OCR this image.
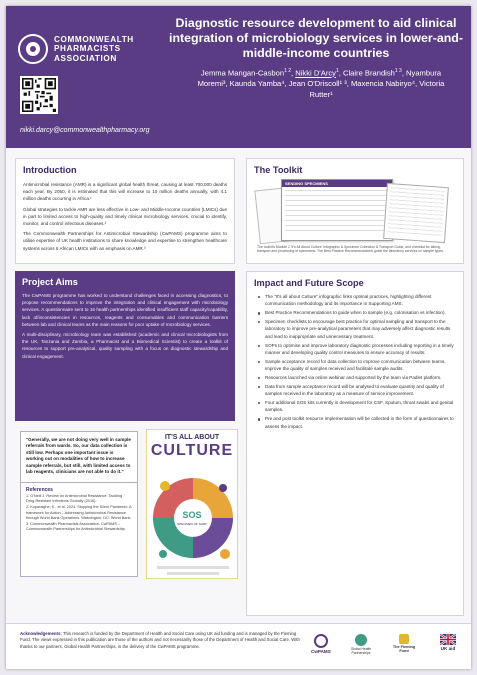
COMMONWEALTH
PHARMACISTS
ASSOCIATION
nikki.darcy@commonwealthpharmacy.org
Diagnostic resource development to aid clinical integration of microbiology services in lower-and-middle-income countries
Jemma Mangan-Casbon$^{1 2}$, Nikki D'Arcy$^1$, Claire Brandish$^{1 3}$, Nyambura
Moremi³, Kaunda Yamba⁴, Jean O'Driscoll¹ ³, Maxencia Nabiryo⁴, Victoria Rutter¹
Introduction

Antimicrobial resistance (AMR) is a significant global health threat, causing at least 700,000 deaths each year. By 2050, it is estimated that this will increase to 10 million deaths annually, with 4.1 million deaths occurring in Africa.¹

Global strategies to tackle AMR are less effective in Low- and Middle-Income countries (LMICs) due in part to limited access to high-quality and timely clinical microbiology services, crucial to identify, monitor, and control infectious diseases.²

The Commonwealth Partnerships for Antimicrobial Stewardship (CwPAMS) programme aims to utilise expertise of UK health institutions to share knowledge and expertise to strengthen healthcare systems across 6 African LMICs with an emphasis on AMR.³

The Toolkit
SENDING SPECIMENS
The toolkit's Module 2 'It's All About Culture' infographic & Specimen Collection & Transport Guide, and checklist for taking, transport and processing of specimens. The Best Practice Recommendations guide the laboratory services on sample types.
Project Aims

The CwPAMS programme has worked to understand challenges faced in accessing diagnostics, to propose recommendations to improve the integration and clinical engagement with microbiology services. A questionnaire sent to 16 health partnerships identified insufficient staff capacity/capability, lack of/inconsistencies in resources, reagents and consumables and communication barriers between lab and clinical teams as the main reasons for poor uptake of microbiology services.

A multi-disciplinary, microbiology team was established (academic and clinical microbiologists from the UK, Tanzania and Zambia, a Pharmacist and a Biomedical Scientist) to create a toolkit of resources to support pre-analytical, quality sampling with a focus on diagnostic stewardship and clinical engagement.

"Generally, we are not doing very well in sample referrals from wards. So, our data collection is still low. Perhaps one important issue is working out on modalities of how to increase sample referrals, but still, with limited access to lab reagents, clinicians are not able to do it."
References
1. O'Neill J. Review on Antimicrobial Resistance. Tackling Drug-Resistant Infections Globally (2016).
2. Kuparaighe, K., et al. 2024. Stopping the Silent Pandemic: A framework for Action – Addressing Antimicrobial Resistance through World Bank Operations. Washington, DC: World Bank.
3. Commonwealth Pharmacists Association. CwPAMS – Commonwealth Partnerships for Antimicrobial Stewardship.
IT'S ALL ABOUT
CULTURE
SOS
SPECIMEN OF SORT
Impact and Future Scope
The "It's all about Culture" infographic links optimal practices, highlighting different communication methodology and its importance in Supporting AMS.
Best Practice Recommendations to guide when to sample (e.g. colonisation vs infection).
Specimen checklists to encourage best practice for optimal sampling and transport to the laboratory to improve pre-analytical parameters that may adversely affect diagnostic results and lead to inappropriate and unnecessary treatment.
SOPs to optimise and improve laboratory diagnostic processes including reporting in a timely manner and developing quality control measures to ensure accuracy of results.
Sample acceptance record for data collection to improve communication between teams, improve the quality of samples received and facilitate sample audits.
Resources launched via online webinar and supported by the team via Padlet platform.
Data from sample acceptance record will be analysed to evaluate quantity and quality of samples received in the laboratory as a measure of service improvement.
Four additional SOS kits currently in development for CSF, Sputum, throat swabs and genital samples.
Pre and post toolkit resource implementation will be collected in the form of questionnaires to assess the impact.
Acknowledgements: This research is funded by the Department of Health and Social Care using UK aid funding and is managed by the Fleming Fund. The views expressed in this publication are those of the authors and not necessarily those of the Department of Health and Social Care. With thanks to our partners, Global Health Partnerships, in the delivery of the CwPAMS programme.
CwPAMS	Global Health Partnerships
The Fleming Fund
UK aid
